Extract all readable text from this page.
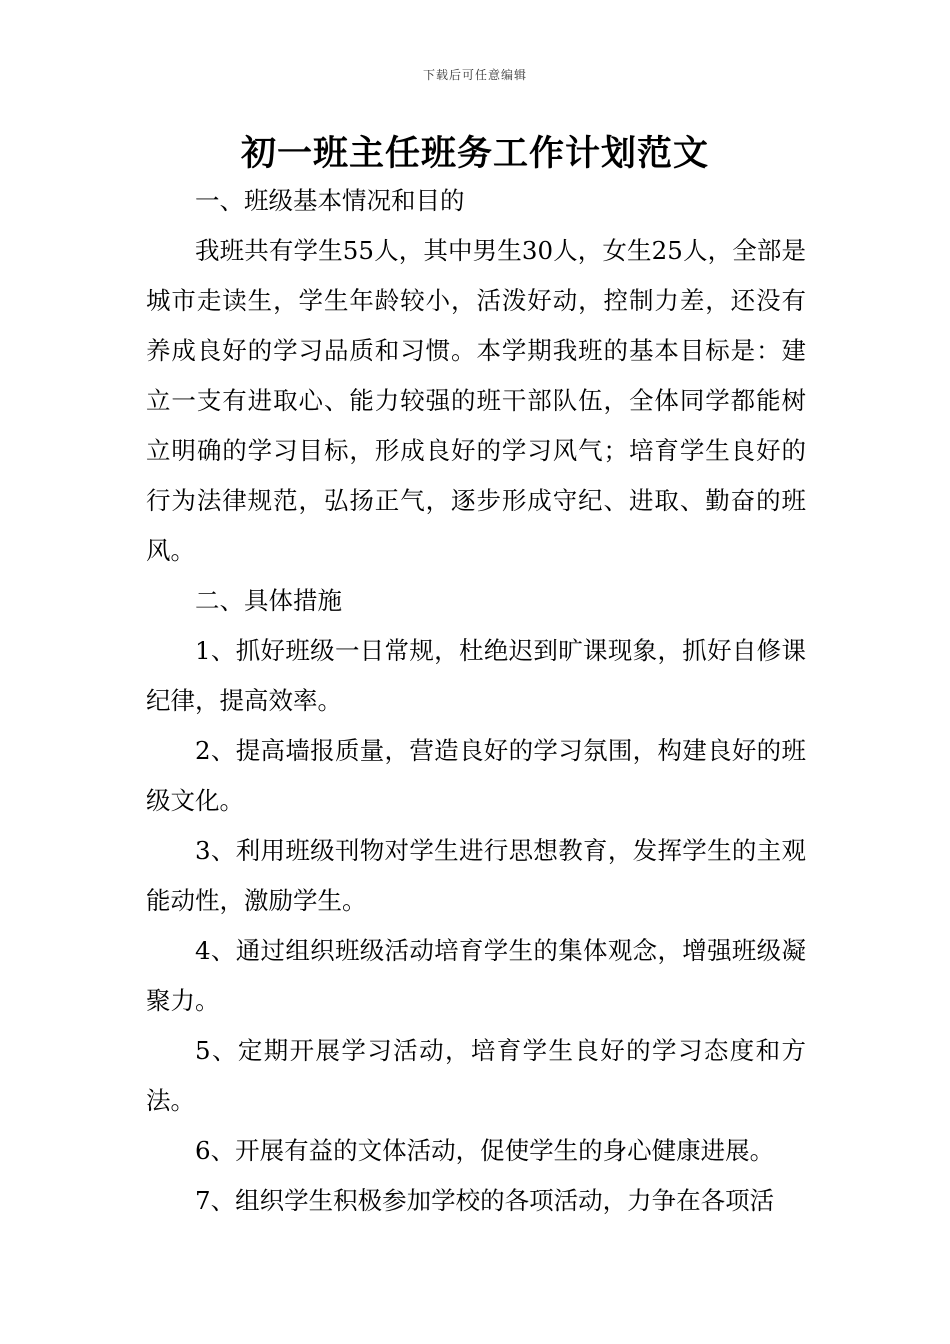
下载后可任意编辑
初一班主任班务工作计划范文

一、班级基本情况和目的

我班共有学生55人，其中男生30人，女生25人，全部是城市走读生，学生年龄较小，活泼好动，控制力差，还没有养成良好的学习品质和习惯。本学期我班的基本目标是：建立一支有进取心、能力较强的班干部队伍，全体同学都能树立明确的学习目标，形成良好的学习风气；培育学生良好的行为法律规范，弘扬正气，逐步形成守纪、进取、勤奋的班风。

二、具体措施

1、抓好班级一日常规，杜绝迟到旷课现象，抓好自修课纪律，提高效率。

2、提高墙报质量，营造良好的学习氛围，构建良好的班级文化。

3、利用班级刊物对学生进行思想教育，发挥学生的主观能动性，激励学生。

4、通过组织班级活动培育学生的集体观念，增强班级凝聚力。

5、定期开展学习活动，培育学生良好的学习态度和方法。

6、开展有益的文体活动，促使学生的身心健康进展。

7、组织学生积极参加学校的各项活动，力争在各项活
